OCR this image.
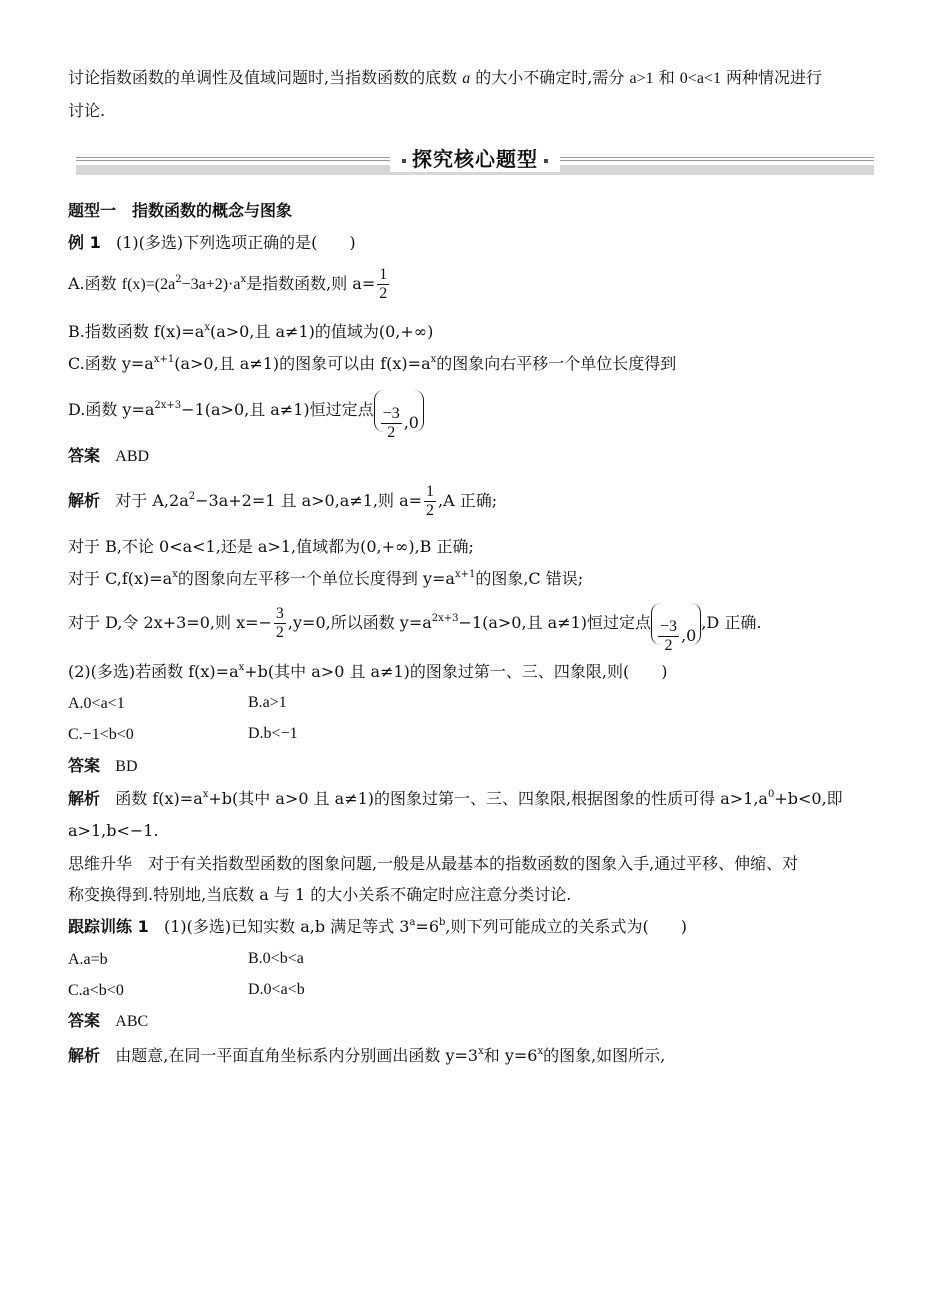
讨论指数函数的单调性及值域问题时,当指数函数的底数 a 的大小不确定时,需分 a>1 和 0<a<1 两种情况进行
讨论.
题型一　指数函数的概念与图象
例 1 (1)(多选)下列选项正确的是(　　)
A.函数 $f(x)=(2a^2-3a+2)\cdot a^x$是指数函数,则 $a= \frac{1}{2}$
B.指数函数 $f(x)=a^x(a>0$,且 a≠1)的值域为(0,+∞)
C.函数 $y=a^{x+1}(a>0$,且 a≠1)的图象可以由 $f(x)=a^x$的图象向右平移一个单位长度得到
D.函数 $y=a^{2x+3}-1(a>0$,且 a≠1)恒过定点 $\frac{-3}{2} ,0$
答案 ABD
解析 对于 $A,2a^2-3a+2=1$ 且 a>0,a≠1,则 $a= \frac{1}{2} ,A$ 正确;
对于 B,不论 0<a<1,还是 a>1,值域都为(0,+∞),B 正确;
对于 $C,f(x)=a^x$的图象向左平移一个单位长度得到 $y=a^{x+1}$的图象,C 错误;
对于 D,令 2x+3=0,则 $x=- \frac{3}{2} ,y=0$,所以函数 $y=a^{2x+3}-1(a>0$,且 a≠1)恒过定点 $\frac{-3}{2} ,0$
,D 正确.
(2)(多选)若函数 $f(x)=a^x+b$(其中 a>0 且 a≠1)的图象过第一、三、四象限,则(　　)
A.0<a<1	B.a>1
C.−1<b<0	D.b<−1
答案 BD
解析 函数 $f(x)=a^x+b$(其中 a>0 且 a≠1)的图象过第一、三、四象限,根据图象的性质可得 $a>1,a^0+b<0$,即
a>1,b<−1.
思维升华　对于有关指数型函数的图象问题,一般是从最基本的指数函数的图象入手,通过平移、伸缩、对
称变换得到.特别地,当底数 a 与 1 的大小关系不确定时应注意分类讨论.
跟踪训练 1 (1)(多选)已知实数 a,b 满足等式 $3^a=6^b$,则下列可能成立的关系式为(　　)
A.a=b	B.0<b<a
C.a<b<0	D.0<a<b
答案 ABC
解析 由题意,在同一平面直角坐标系内分别画出函数 $y=3^x$和 $y=6^x$的图象,如图所示,
探究核心题型
